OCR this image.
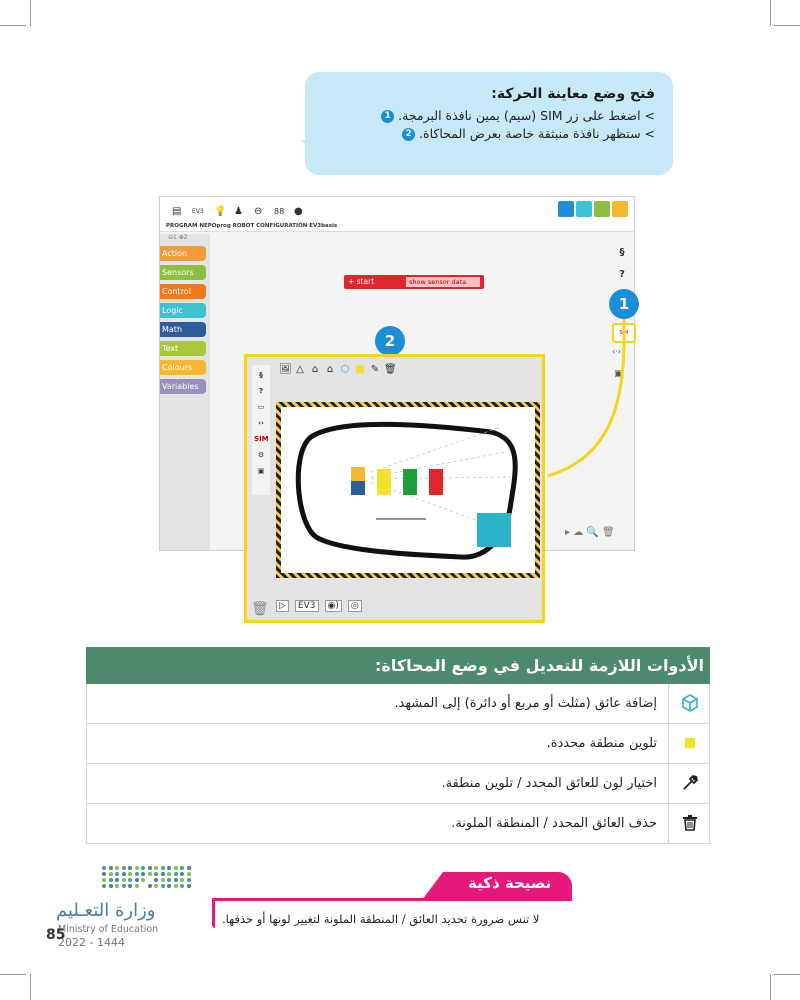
فتح وضع معاينة الحركة:

> اضغط على زر SIM (سيم) يمين نافذة البرمجة. 1

> ستظهر نافذة منبثقة خاصة بعرض المحاكاة. 2

▤ EV3 💡 ♟ ⊖ 88 ●
PROGRAM NEPOprog ROBOT CONFIGURATION EV3basis
⊖1 ⊕2
Action
Sensors
Control
Logic
Math
Text
Colours
Variables
+ start	show sensor data
§
?
SIM
‹·›
▣
▸ ☁ 🔍 🗑
1
2
§
?
▭
‹›
SIM
⚙
▣
🖼 △ ⌂ ⌂ ⬡ ■ ✎ 🗑
🗑	▷	EV3	◉)	◎
الأدوات اللازمة للتعديل في وضع المحاكاة:
إضافة عائق (مثلث أو مربع أو دائرة) إلى المشهد.
تلوين منطقة محددة.
اختيار لون للعائق المحدد / تلوين منطقة.
حذف العائق المحدد / المنطقة الملونة.
وزارة التعـليم
Ministry of Education
2022 - 1444
85
نصيحة ذكية
لا تنس ضرورة تحديد العائق / المنطقة الملونة لتغيير لونها أو حذفها.
